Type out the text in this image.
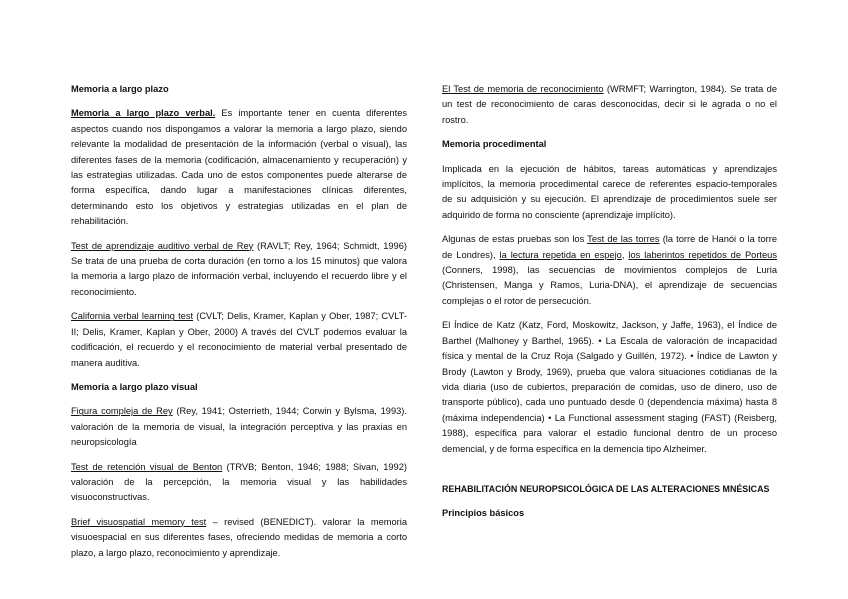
Memoria a largo plazo

Memoria a largo plazo verbal. Es importante tener en cuenta diferentes aspectos cuando nos dispongamos a valorar la memoria a largo plazo, siendo relevante la modalidad de presentación de la información (verbal o visual), las diferentes fases de la memoria (codificación, almacenamiento y recuperación) y las estrategias utilizadas. Cada uno de estos componentes puede alterarse de forma específica, dando lugar a manifestaciones clínicas diferentes, determinando esto los objetivos y estrategias utilizadas en el plan de rehabilitación.

Test de aprendizaje auditivo verbal de Rey (RAVLT; Rey, 1964; Schmidt, 1996) Se trata de una prueba de corta duración (en torno a los 15 minutos) que valora la memoria a largo plazo de información verbal, incluyendo el recuerdo libre y el reconocimiento.

California verbal learning test (CVLT; Delis, Kramer, Kaplan y Ober, 1987; CVLT-II; Delis, Kramer, Kaplan y Ober, 2000) A través del CVLT podemos evaluar la codificación, el recuerdo y el reconocimiento de material verbal presentado de manera auditiva.

Memoria a largo plazo visual

Figura compleja de Rey (Rey, 1941; Osterrieth, 1944; Corwin y Bylsma, 1993). valoración de la memoria de visual, la integración perceptiva y las praxias en neuropsicología

Test de retención visual de Benton (TRVB; Benton, 1946; 1988; Sivan, 1992) valoración de la percepción, la memoria visual y las habilidades visuoconstructivas.

Brief visuospatial memory test – revised (BENEDICT). valorar la memoria visuoespacial en sus diferentes fases, ofreciendo medidas de memoria a corto plazo, a largo plazo, reconocimiento y aprendizaje.

El Test de memoria de reconocimiento (WRMFT; Warrington, 1984). Se trata de un test de reconocimiento de caras desconocidas, decir si le agrada o no el rostro.

Memoria procedimental

Implicada en la ejecución de hábitos, tareas automáticas y aprendizajes implícitos, la memoria procedimental carece de referentes espacio-temporales de su adquisición y su ejecución. El aprendizaje de procedimientos suele ser adquirido de forma no consciente (aprendizaje implícito).

Algunas de estas pruebas son los Test de las torres (la torre de Hanói o la torre de Londres), la lectura repetida en espejo, los laberintos repetidos de Porteus (Conners, 1998), las secuencias de movimientos complejos de Luria (Christensen, Manga y Ramos, Luria-DNA), el aprendizaje de secuencias complejas o el rotor de persecución.

El Índice de Katz (Katz, Ford, Moskowitz, Jackson, y Jaffe, 1963), el Índice de Barthel (Malhoney y Barthel, 1965). • La Escala de valoración de incapacidad física y mental de la Cruz Roja (Salgado y Guillén, 1972). • Índice de Lawton y Brody (Lawton y Brody, 1969), prueba que valora situaciones cotidianas de la vida diaria (uso de cubiertos, preparación de comidas, uso de dinero, uso de transporte público), cada uno puntuado desde 0 (dependencia máxima) hasta 8 (máxima independencia) • La Functional assessment staging (FAST) (Reisberg, 1988), específica para valorar el estadio funcional dentro de un proceso demencial, y de forma específica en la demencia tipo Alzheimer.

REHABILITACIÓN NEUROPSICOLÓGICA DE LAS ALTERACIONES MNÉSICAS
Principios básicos
